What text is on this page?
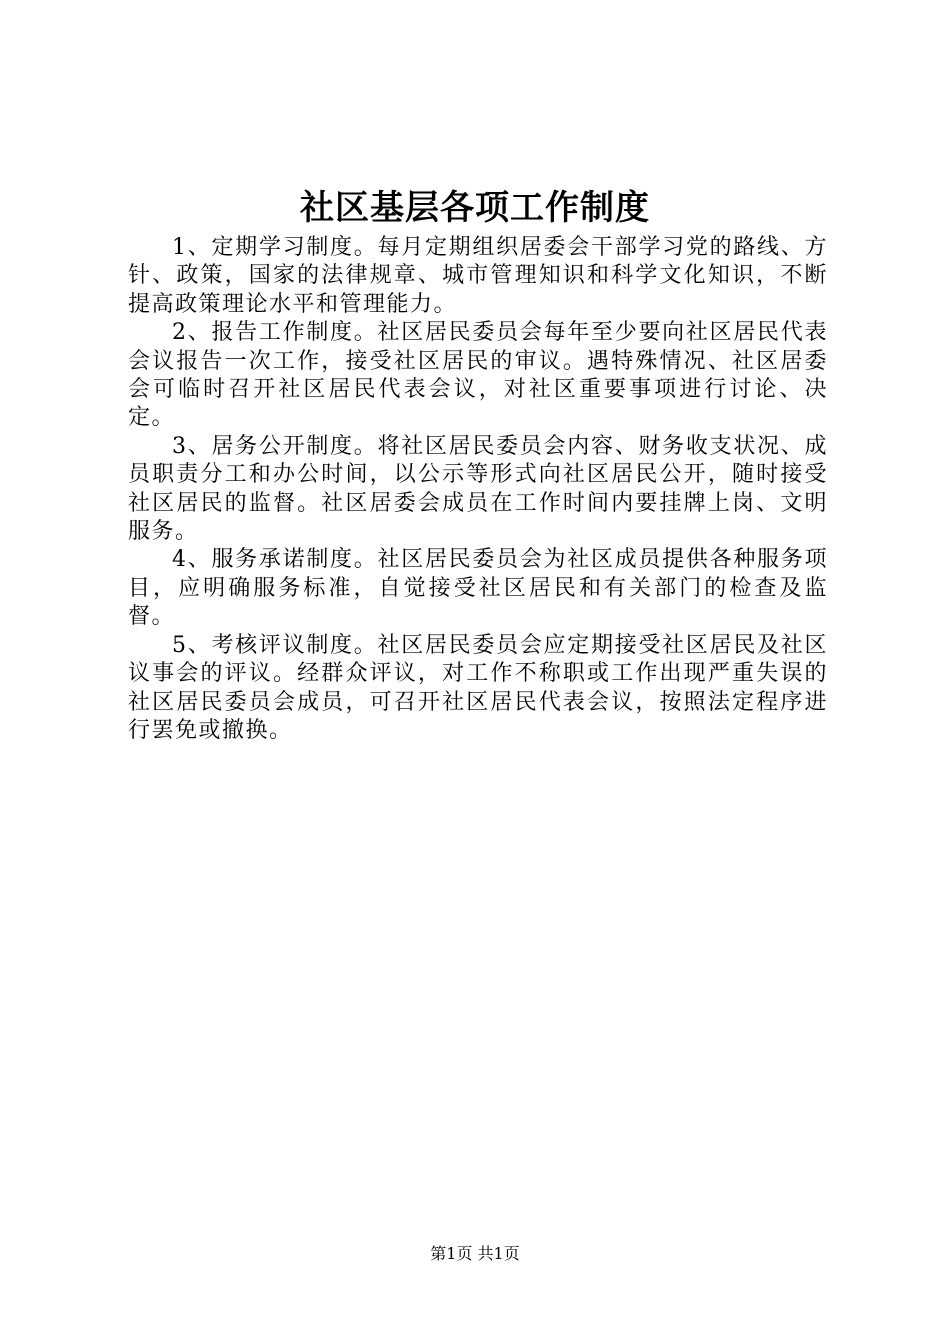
社区基层各项工作制度

1、定期学习制度。每月定期组织居委会干部学习党的路线、方针、政策，国家的法律规章、城市管理知识和科学文化知识，不断提高政策理论水平和管理能力。

2、报告工作制度。社区居民委员会每年至少要向社区居民代表会议报告一次工作，接受社区居民的审议。遇特殊情况、社区居委会可临时召开社区居民代表会议，对社区重要事项进行讨论、决定。

3、居务公开制度。将社区居民委员会内容、财务收支状况、成员职责分工和办公时间，以公示等形式向社区居民公开，随时接受社区居民的监督。社区居委会成员在工作时间内要挂牌上岗、文明服务。

4、服务承诺制度。社区居民委员会为社区成员提供各种服务项目，应明确服务标准，自觉接受社区居民和有关部门的检查及监督。

5、考核评议制度。社区居民委员会应定期接受社区居民及社区议事会的评议。经群众评议，对工作不称职或工作出现严重失误的社区居民委员会成员，可召开社区居民代表会议，按照法定程序进行罢免或撤换。

第1页 共1页
